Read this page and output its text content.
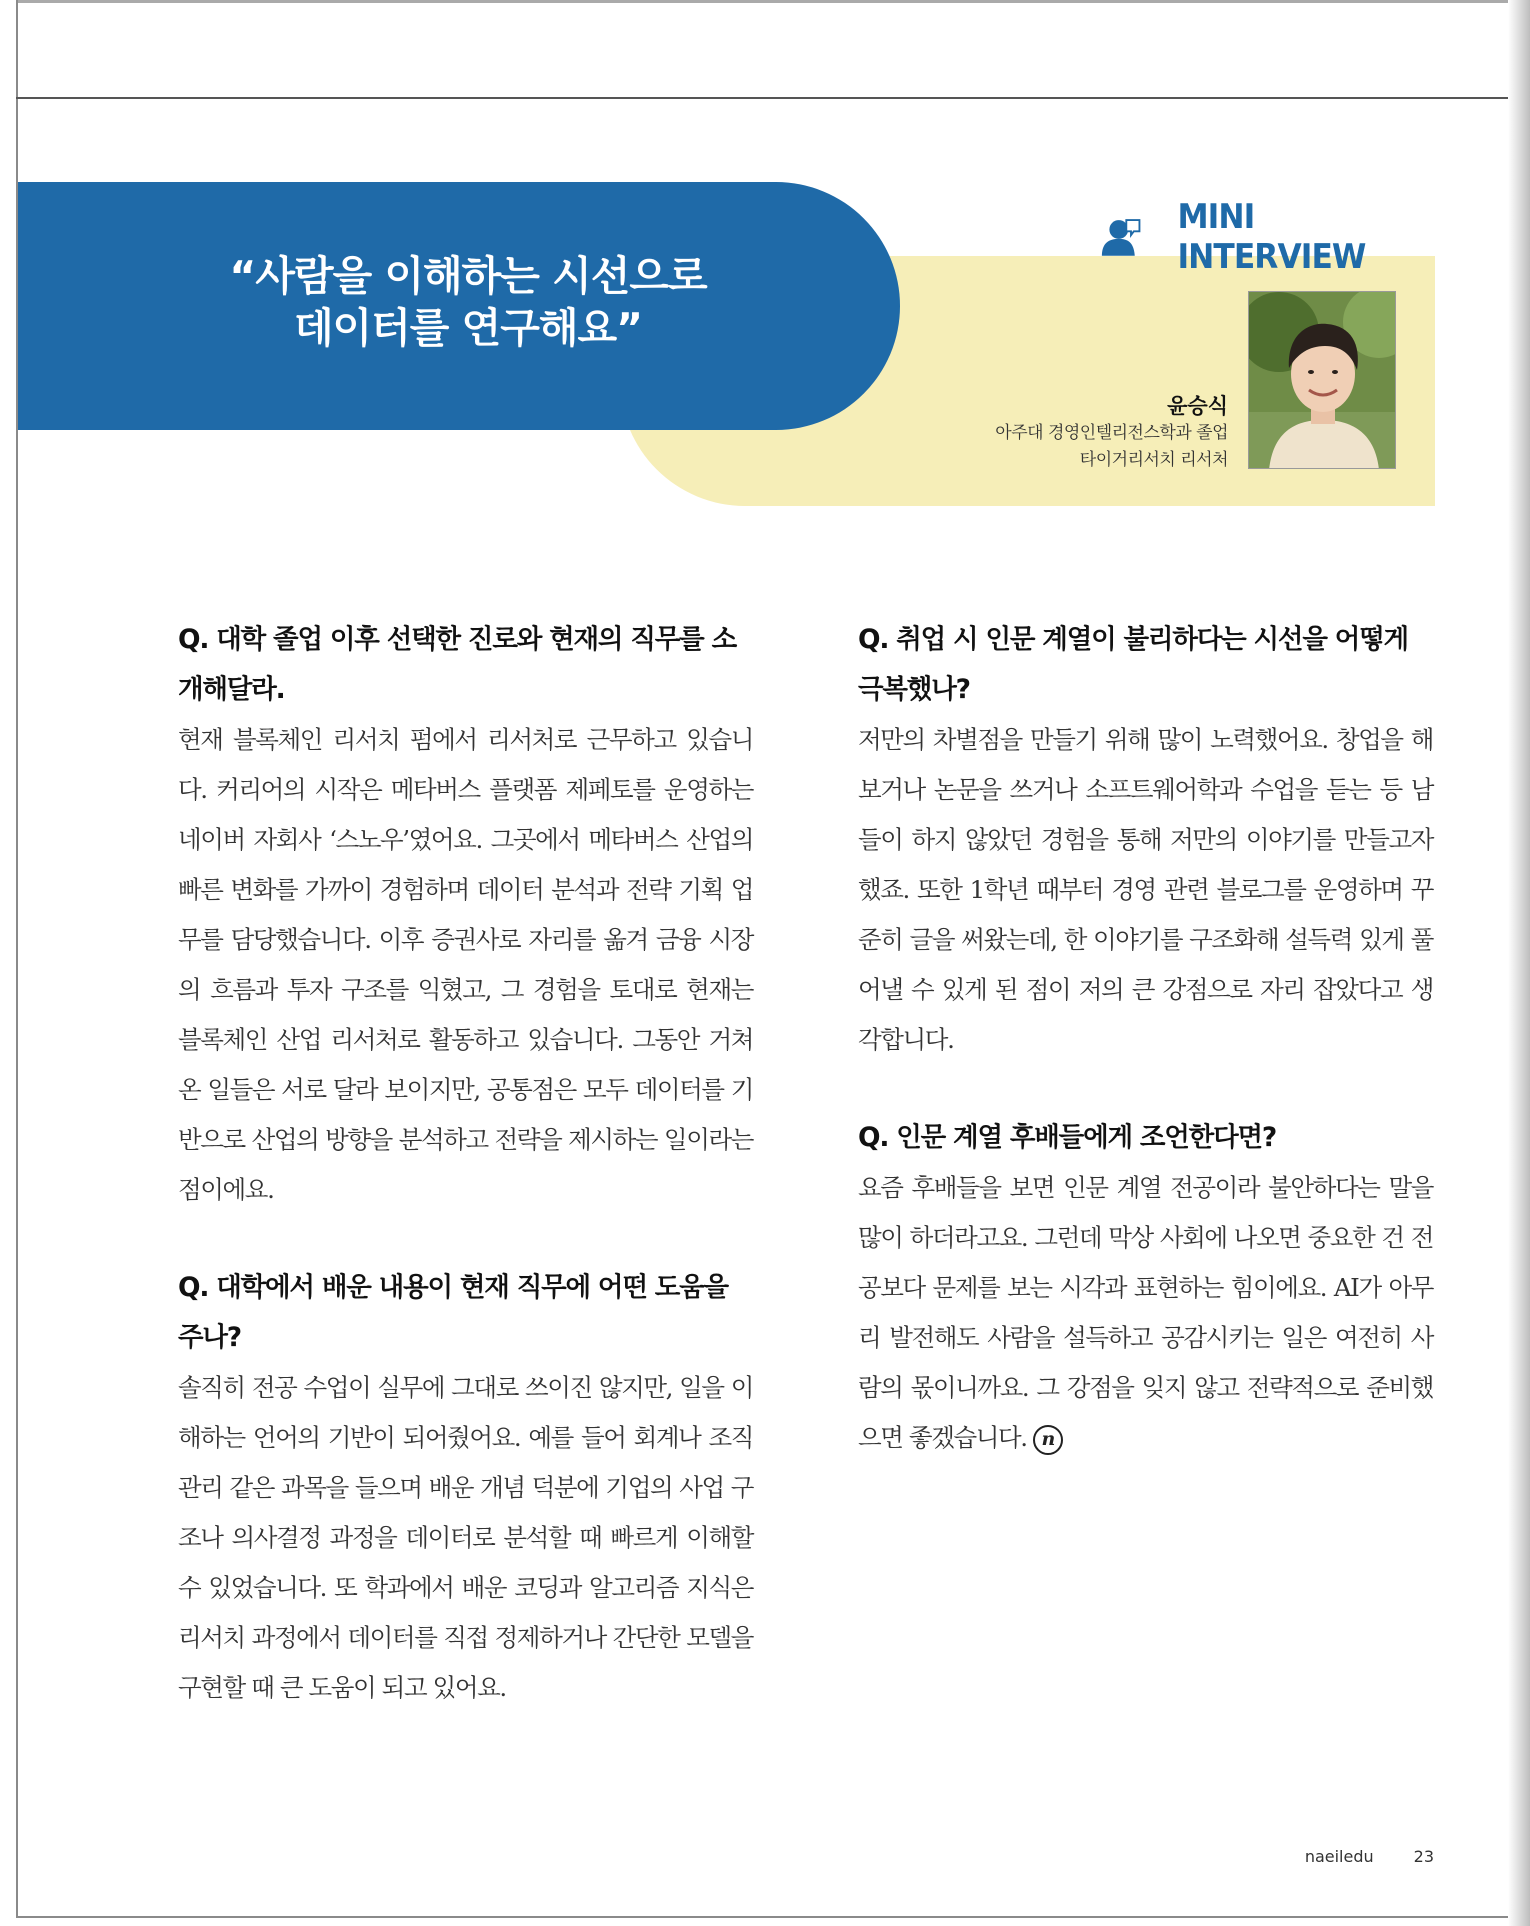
“사람을 이해하는 시선으로
데이터를 연구해요”
MINI INTERVIEW

윤승식

아주대 경영인텔리전스학과 졸업

타이거리서치 리서처

Q. 대학 졸업 이후 선택한 진로와 현재의 직무를 소개해달라.

현재 블록체인 리서치 펌에서 리서처로 근무하고 있습니다. 커리어의 시작은 메타버스 플랫폼 제페토를 운영하는 네이버 자회사 ‘스노우’였어요. 그곳에서 메타버스 산업의 빠른 변화를 가까이 경험하며 데이터 분석과 전략 기획 업무를 담당했습니다. 이후 증권사로 자리를 옮겨 금융 시장의 흐름과 투자 구조를 익혔고, 그 경험을 토대로 현재는 블록체인 산업 리서처로 활동하고 있습니다. 그동안 거쳐 온 일들은 서로 달라 보이지만, 공통점은 모두 데이터를 기반으로 산업의 방향을 분석하고 전략을 제시하는 일이라는 점이에요.

Q. 대학에서 배운 내용이 현재 직무에 어떤 도움을 주나?

솔직히 전공 수업이 실무에 그대로 쓰이진 않지만, 일을 이해하는 언어의 기반이 되어줬어요. 예를 들어 회계나 조직관리 같은 과목을 들으며 배운 개념 덕분에 기업의 사업 구조나 의사결정 과정을 데이터로 분석할 때 빠르게 이해할 수 있었습니다. 또 학과에서 배운 코딩과 알고리즘 지식은 리서치 과정에서 데이터를 직접 정제하거나 간단한 모델을 구현할 때 큰 도움이 되고 있어요.

Q. 취업 시 인문 계열이 불리하다는 시선을 어떻게 극복했나?

저만의 차별점을 만들기 위해 많이 노력했어요. 창업을 해보거나 논문을 쓰거나 소프트웨어학과 수업을 듣는 등 남들이 하지 않았던 경험을 통해 저만의 이야기를 만들고자 했죠. 또한 1학년 때부터 경영 관련 블로그를 운영하며 꾸준히 글을 써왔는데, 한 이야기를 구조화해 설득력 있게 풀어낼 수 있게 된 점이 저의 큰 강점으로 자리 잡았다고 생각합니다.

Q. 인문 계열 후배들에게 조언한다면?

요즘 후배들을 보면 인문 계열 전공이라 불안하다는 말을 많이 하더라고요. 그런데 막상 사회에 나오면 중요한 건 전공보다 문제를 보는 시각과 표현하는 힘이에요. AI가 아무리 발전해도 사람을 설득하고 공감시키는 일은 여전히 사람의 몫이니까요. 그 강점을 잊지 않고 전략적으로 준비했으면 좋겠습니다. n

naeiledu	23
